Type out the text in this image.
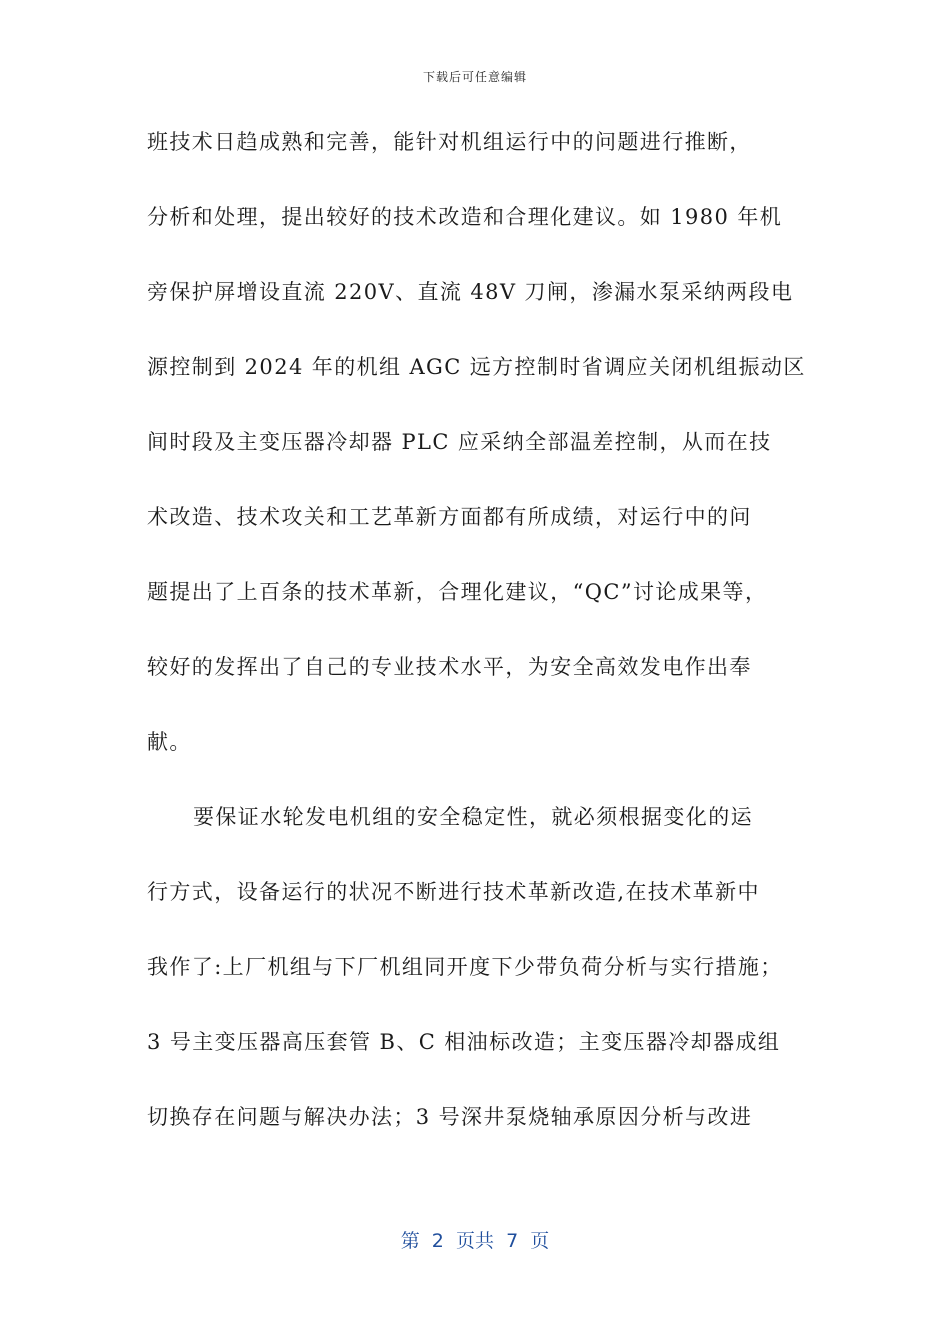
下载后可任意编辑
班技术日趋成熟和完善，能针对机组运行中的问题进行推断，
分析和处理，提出较好的技术改造和合理化建议。如 1980 年机
旁保护屏增设直流 220V、直流 48V 刀闸，渗漏水泵采纳两段电
源控制到 2024 年的机组 AGC 远方控制时省调应关闭机组振动区
间时段及主变压器冷却器 PLC 应采纳全部温差控制，从而在技
术改造、技术攻关和工艺革新方面都有所成绩，对运行中的问
题提出了上百条的技术革新，合理化建议，“QC”讨论成果等，
较好的发挥出了自己的专业技术水平，为安全高效发电作出奉
献。
要保证水轮发电机组的安全稳定性，就必须根据变化的运
行方式，设备运行的状况不断进行技术革新改造,在技术革新中
我作了:上厂机组与下厂机组同开度下少带负荷分析与实行措施；
3 号主变压器高压套管 B、C 相油标改造；主变压器冷却器成组
切换存在问题与解决办法；3 号深井泵烧轴承原因分析与改进
第 2 页共 7 页
